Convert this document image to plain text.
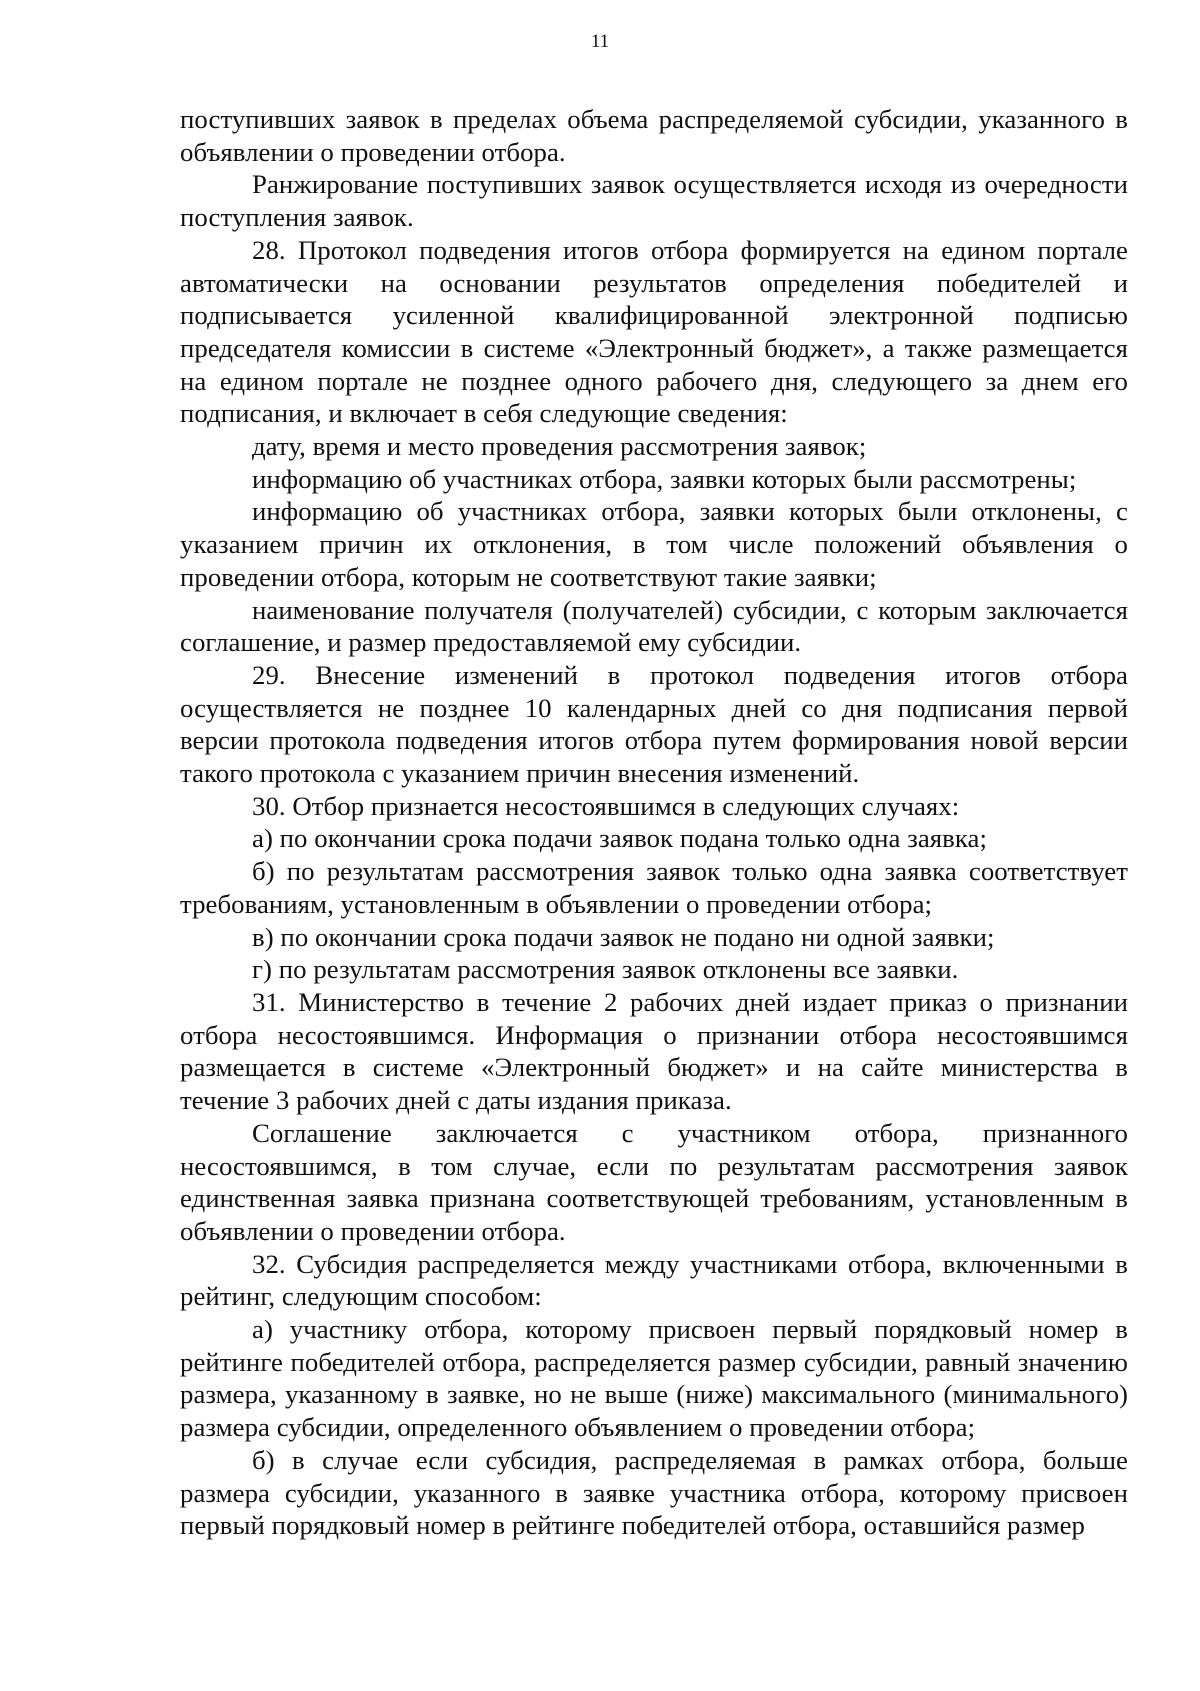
11

поступивших заявок в пределах объема распределяемой субсидии, указанного в объявлении о проведении отбора.

Ранжирование поступивших заявок осуществляется исходя из очередности поступления заявок.

28. Протокол подведения итогов отбора формируется на едином портале автоматически на основании результатов определения победителей и подписывается усиленной квалифицированной электронной подписью председателя комиссии в системе «Электронный бюджет», а также размещается на едином портале не позднее одного рабочего дня, следующего за днем его подписания, и включает в себя следующие сведения:

дату, время и место проведения рассмотрения заявок;

информацию об участниках отбора, заявки которых были рассмотрены;

информацию об участниках отбора, заявки которых были отклонены, с указанием причин их отклонения, в том числе положений объявления о проведении отбора, которым не соответствуют такие заявки;

наименование получателя (получателей) субсидии, с которым заключается соглашение, и размер предоставляемой ему субсидии.

29. Внесение изменений в протокол подведения итогов отбора осуществляется не позднее 10 календарных дней со дня подписания первой версии протокола подведения итогов отбора путем формирования новой версии такого протокола с указанием причин внесения изменений.

30. Отбор признается несостоявшимся в следующих случаях:

а) по окончании срока подачи заявок подана только одна заявка;

б) по результатам рассмотрения заявок только одна заявка соответствует требованиям, установленным в объявлении о проведении отбора;

в) по окончании срока подачи заявок не подано ни одной заявки;

г) по результатам рассмотрения заявок отклонены все заявки.

31. Министерство в течение 2 рабочих дней издает приказ о признании отбора несостоявшимся. Информация о признании отбора несостоявшимся размещается в системе «Электронный бюджет» и на сайте министерства в течение 3 рабочих дней с даты издания приказа.

Соглашение заключается с участником отбора, признанного несостоявшимся, в том случае, если по результатам рассмотрения заявок единственная заявка признана соответствующей требованиям, установленным в объявлении о проведении отбора.

32. Субсидия распределяется между участниками отбора, включенными в рейтинг, следующим способом:

а) участнику отбора, которому присвоен первый порядковый номер в рейтинге победителей отбора, распределяется размер субсидии, равный значению размера, указанному в заявке, но не выше (ниже) максимального (минимального) размера субсидии, определенного объявлением о проведении отбора;

б) в случае если субсидия, распределяемая в рамках отбора, больше размера субсидии, указанного в заявке участника отбора, которому присвоен первый порядковый номер в рейтинге победителей отбора, оставшийся размер
